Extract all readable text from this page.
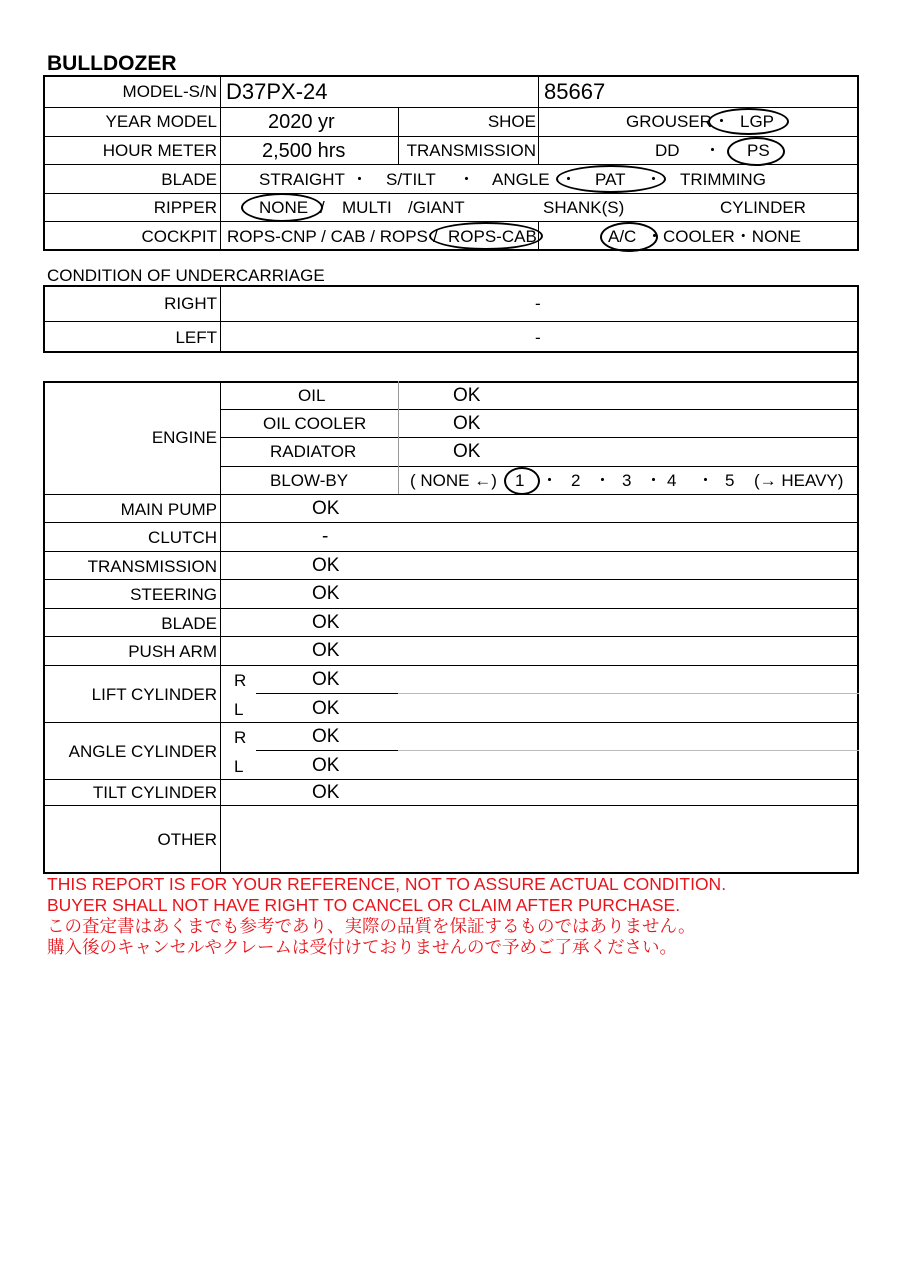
BULLDOZER
MODEL-S/N D37PX-24	85667
YEAR MODEL	2020 yr	SHOE	GROUSER ・ LGP
HOUR METER 2,500 hrs	TRANSMISSION	DD ・ PS
BLADE STRAIGHT ・ S/TILT ・ ANGLE ・ PAT ・ TRIMMING
RIPPER NONE / MULTI /GIANT	SHANK(S)	CYLINDER
COCKPIT ROPS-CNP / CAB / ROPS / ROPS-CAB	A/C ・ COOLER・NONE
CONDITION OF UNDERCARRIAGE
RIGHT	-
LEFT	-
ENGINE
OIL	OK
OIL COOLER	OK
RADIATOR	OK
BLOW-BY	( NONE ←) 1 ・ 2 ・ 3 ・ 4 ・ 5 (→ HEAVY)
MAIN PUMP	OK
CLUTCH	-
TRANSMISSION	OK
STEERING	OK
BLADE	OK
PUSH ARM	OK
LIFT CYLINDER
R	OK
L	OK
ANGLE CYLINDER
R	OK
L	OK
TILT CYLINDER	OK
OTHER
THIS REPORT IS FOR YOUR REFERENCE, NOT TO ASSURE ACTUAL CONDITION.
BUYER SHALL NOT HAVE RIGHT TO CANCEL OR CLAIM AFTER PURCHASE.
この査定書はあくまでも参考であり、実際の品質を保証するものではありません。
購入後のキャンセルやクレームは受付けておりませんので予めご了承ください。
